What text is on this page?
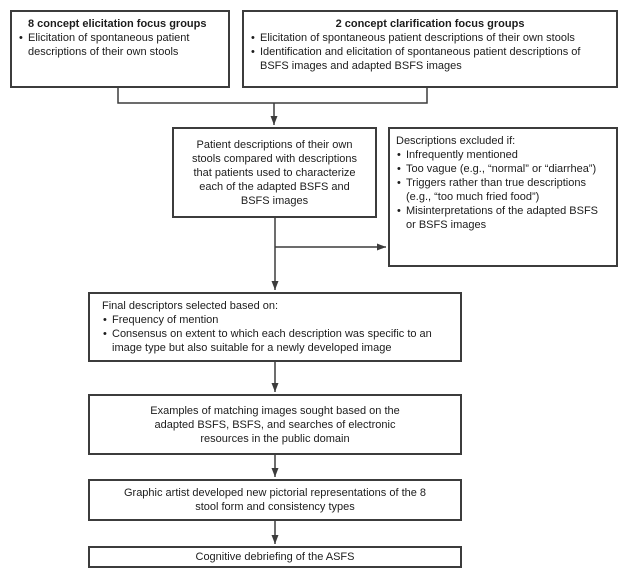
8 concept elicitation focus groups
• Elicitation of spontaneous patient descriptions of their own stools
2 concept clarification focus groups
• Elicitation of spontaneous patient descriptions of their own stools
• Identification and elicitation of spontaneous patient descriptions of BSFS images and adapted BSFS images

Patient descriptions of their own stools compared with descriptions that patients used to characterize each of the adapted BSFS and BSFS images

Descriptions excluded if:
• Infrequently mentioned
• Too vague (e.g., “normal” or “diarrhea”)
• Triggers rather than true descriptions (e.g., “too much fried food”)
• Misinterpretations of the adapted BSFS or BSFS images
Final descriptors selected based on:
• Frequency of mention
• Consensus on extent to which each description was specific to an image type but also suitable for a newly developed image

Examples of matching images sought based on the adapted BSFS, BSFS, and searches of electronic resources in the public domain

Graphic artist developed new pictorial representations of the 8 stool form and consistency types

Cognitive debriefing of the ASFS
